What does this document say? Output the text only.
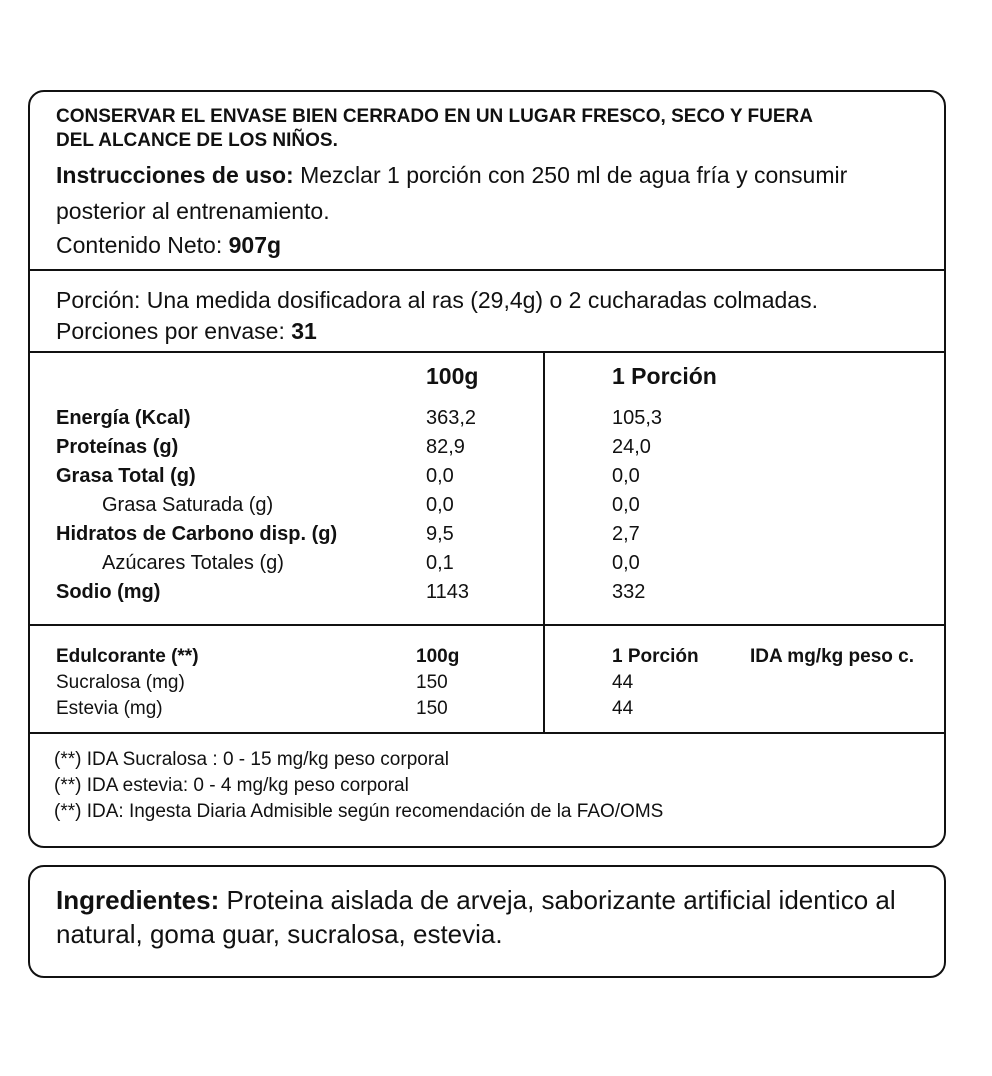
CONSERVAR EL ENVASE BIEN CERRADO EN UN LUGAR FRESCO, SECO Y FUERA
DEL ALCANCE DE LOS NIÑOS.
Instrucciones de uso: Mezclar 1 porción con 250 ml de agua fría y consumir
posterior al entrenamiento.
Contenido Neto: 907g
Porción: Una medida dosificadora al ras (29,4g) o 2 cucharadas colmadas.
Porciones por envase: 31
100g	1 Porción
Energía (Kcal)	363,2	105,3
Proteínas (g)	82,9	24,0
Grasa Total (g)	0,0	0,0
Grasa Saturada (g)	0,0	0,0
Hidratos de Carbono disp. (g)	9,5	2,7
Azúcares Totales (g)	0,1	0,0
Sodio (mg)	1143	332
Edulcorante (**)	100g	1 Porción	IDA mg/kg peso c.
Sucralosa (mg)	150	44
Estevia (mg)	150	44
(**) IDA Sucralosa : 0 - 15 mg/kg peso corporal
(**) IDA estevia: 0 - 4 mg/kg peso corporal
(**) IDA: Ingesta Diaria Admisible según recomendación de la FAO/OMS
Ingredientes: Proteina aislada de arveja, saborizante artificial identico al natural, goma guar, sucralosa, estevia.
